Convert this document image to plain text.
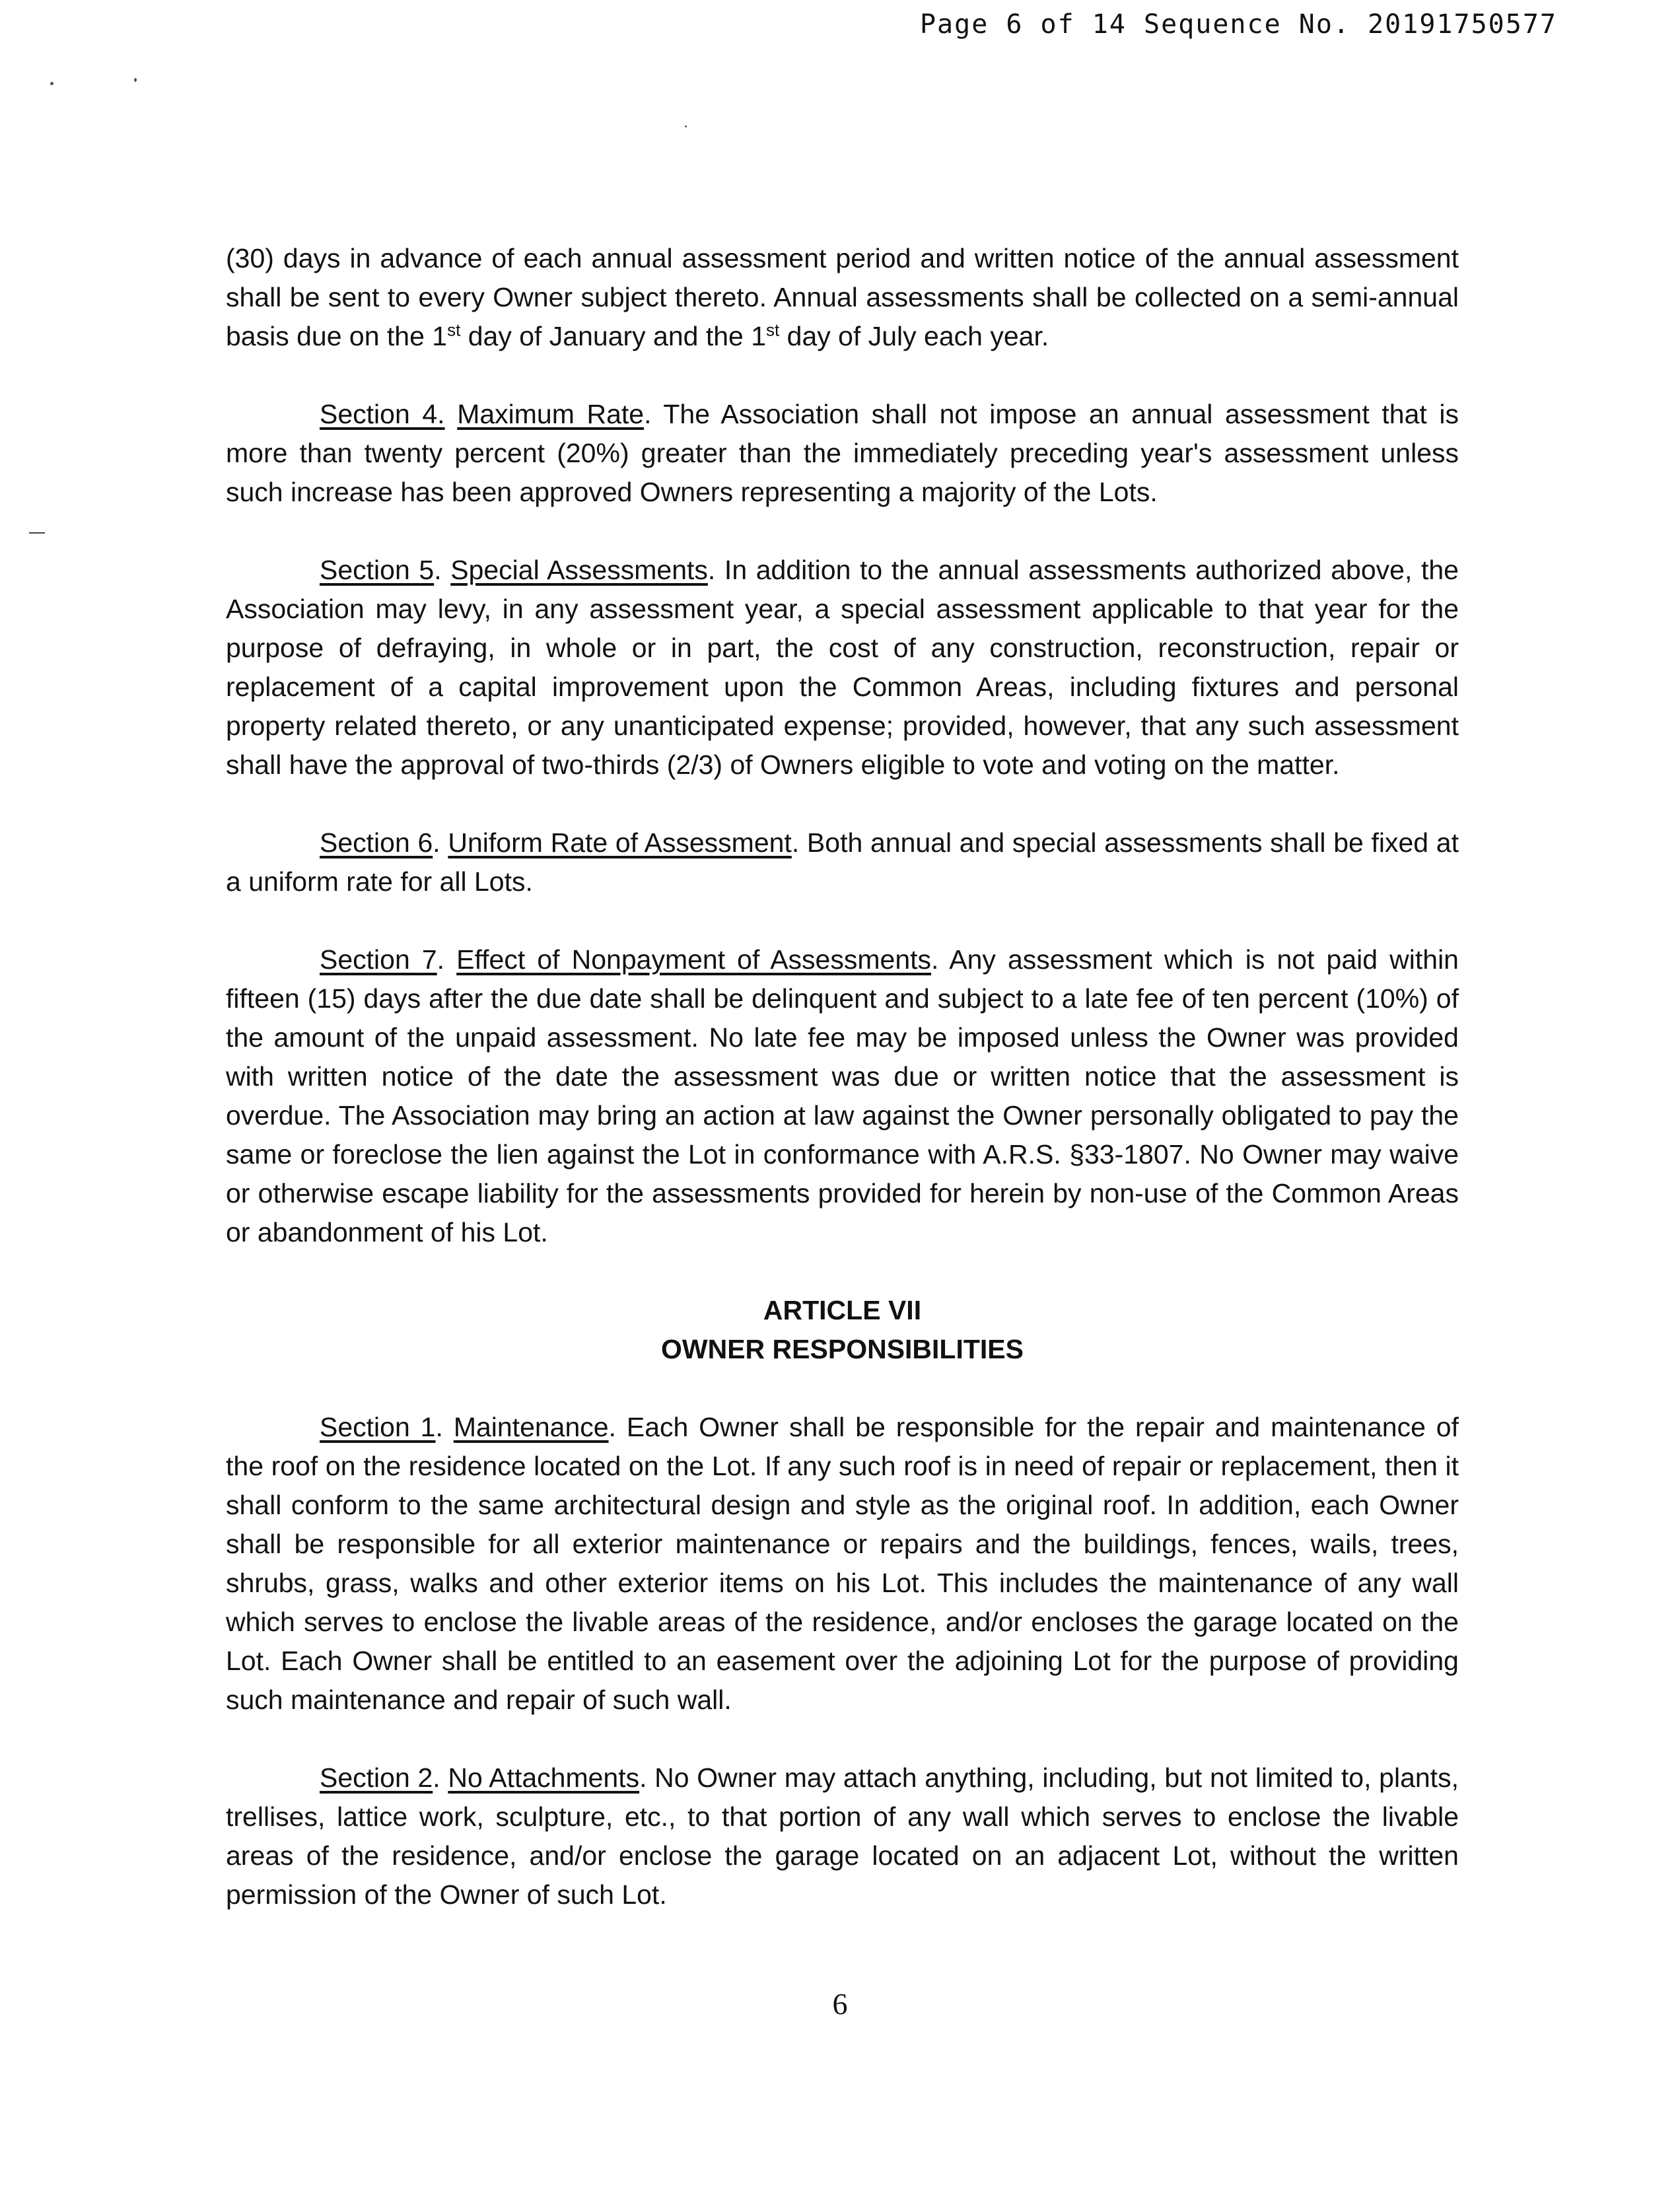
Page 6 of 14 Sequence No. 20191750577

(30) days in advance of each annual assessment period and written notice of the annual assessment shall be sent to every Owner subject thereto. Annual assessments shall be collected on a semi-annual basis due on the 1st day of January and the 1st day of July each year.

Section 4. Maximum Rate. The Association shall not impose an annual assessment that is more than twenty percent (20%) greater than the immediately preceding year's assessment unless such increase has been approved Owners representing a majority of the Lots.

Section 5. Special Assessments. In addition to the annual assessments authorized above, the Association may levy, in any assessment year, a special assessment applicable to that year for the purpose of defraying, in whole or in part, the cost of any construction, reconstruction, repair or replacement of a capital improvement upon the Common Areas, including fixtures and personal property related thereto, or any unanticipated expense; provided, however, that any such assessment shall have the approval of two-thirds (2/3) of Owners eligible to vote and voting on the matter.

Section 6. Uniform Rate of Assessment. Both annual and special assessments shall be fixed at a uniform rate for all Lots.

Section 7. Effect of Nonpayment of Assessments. Any assessment which is not paid within fifteen (15) days after the due date shall be delinquent and subject to a late fee of ten percent (10%) of the amount of the unpaid assessment. No late fee may be imposed unless the Owner was provided with written notice of the date the assessment was due or written notice that the assessment is overdue. The Association may bring an action at law against the Owner personally obligated to pay the same or foreclose the lien against the Lot in conformance with A.R.S. §33-1807. No Owner may waive or otherwise escape liability for the assessments provided for herein by non-use of the Common Areas or abandonment of his Lot.

ARTICLE VII
OWNER RESPONSIBILITIES

Section 1. Maintenance. Each Owner shall be responsible for the repair and maintenance of the roof on the residence located on the Lot. If any such roof is in need of repair or replacement, then it shall conform to the same architectural design and style as the original roof. In addition, each Owner shall be responsible for all exterior maintenance or repairs and the buildings, fences, wails, trees, shrubs, grass, walks and other exterior items on his Lot. This includes the maintenance of any wall which serves to enclose the livable areas of the residence, and/or encloses the garage located on the Lot. Each Owner shall be entitled to an easement over the adjoining Lot for the purpose of providing such maintenance and repair of such wall.

Section 2. No Attachments. No Owner may attach anything, including, but not limited to, plants, trellises, lattice work, sculpture, etc., to that portion of any wall which serves to enclose the livable areas of the residence, and/or enclose the garage located on an adjacent Lot, without the written permission of the Owner of such Lot.

6
